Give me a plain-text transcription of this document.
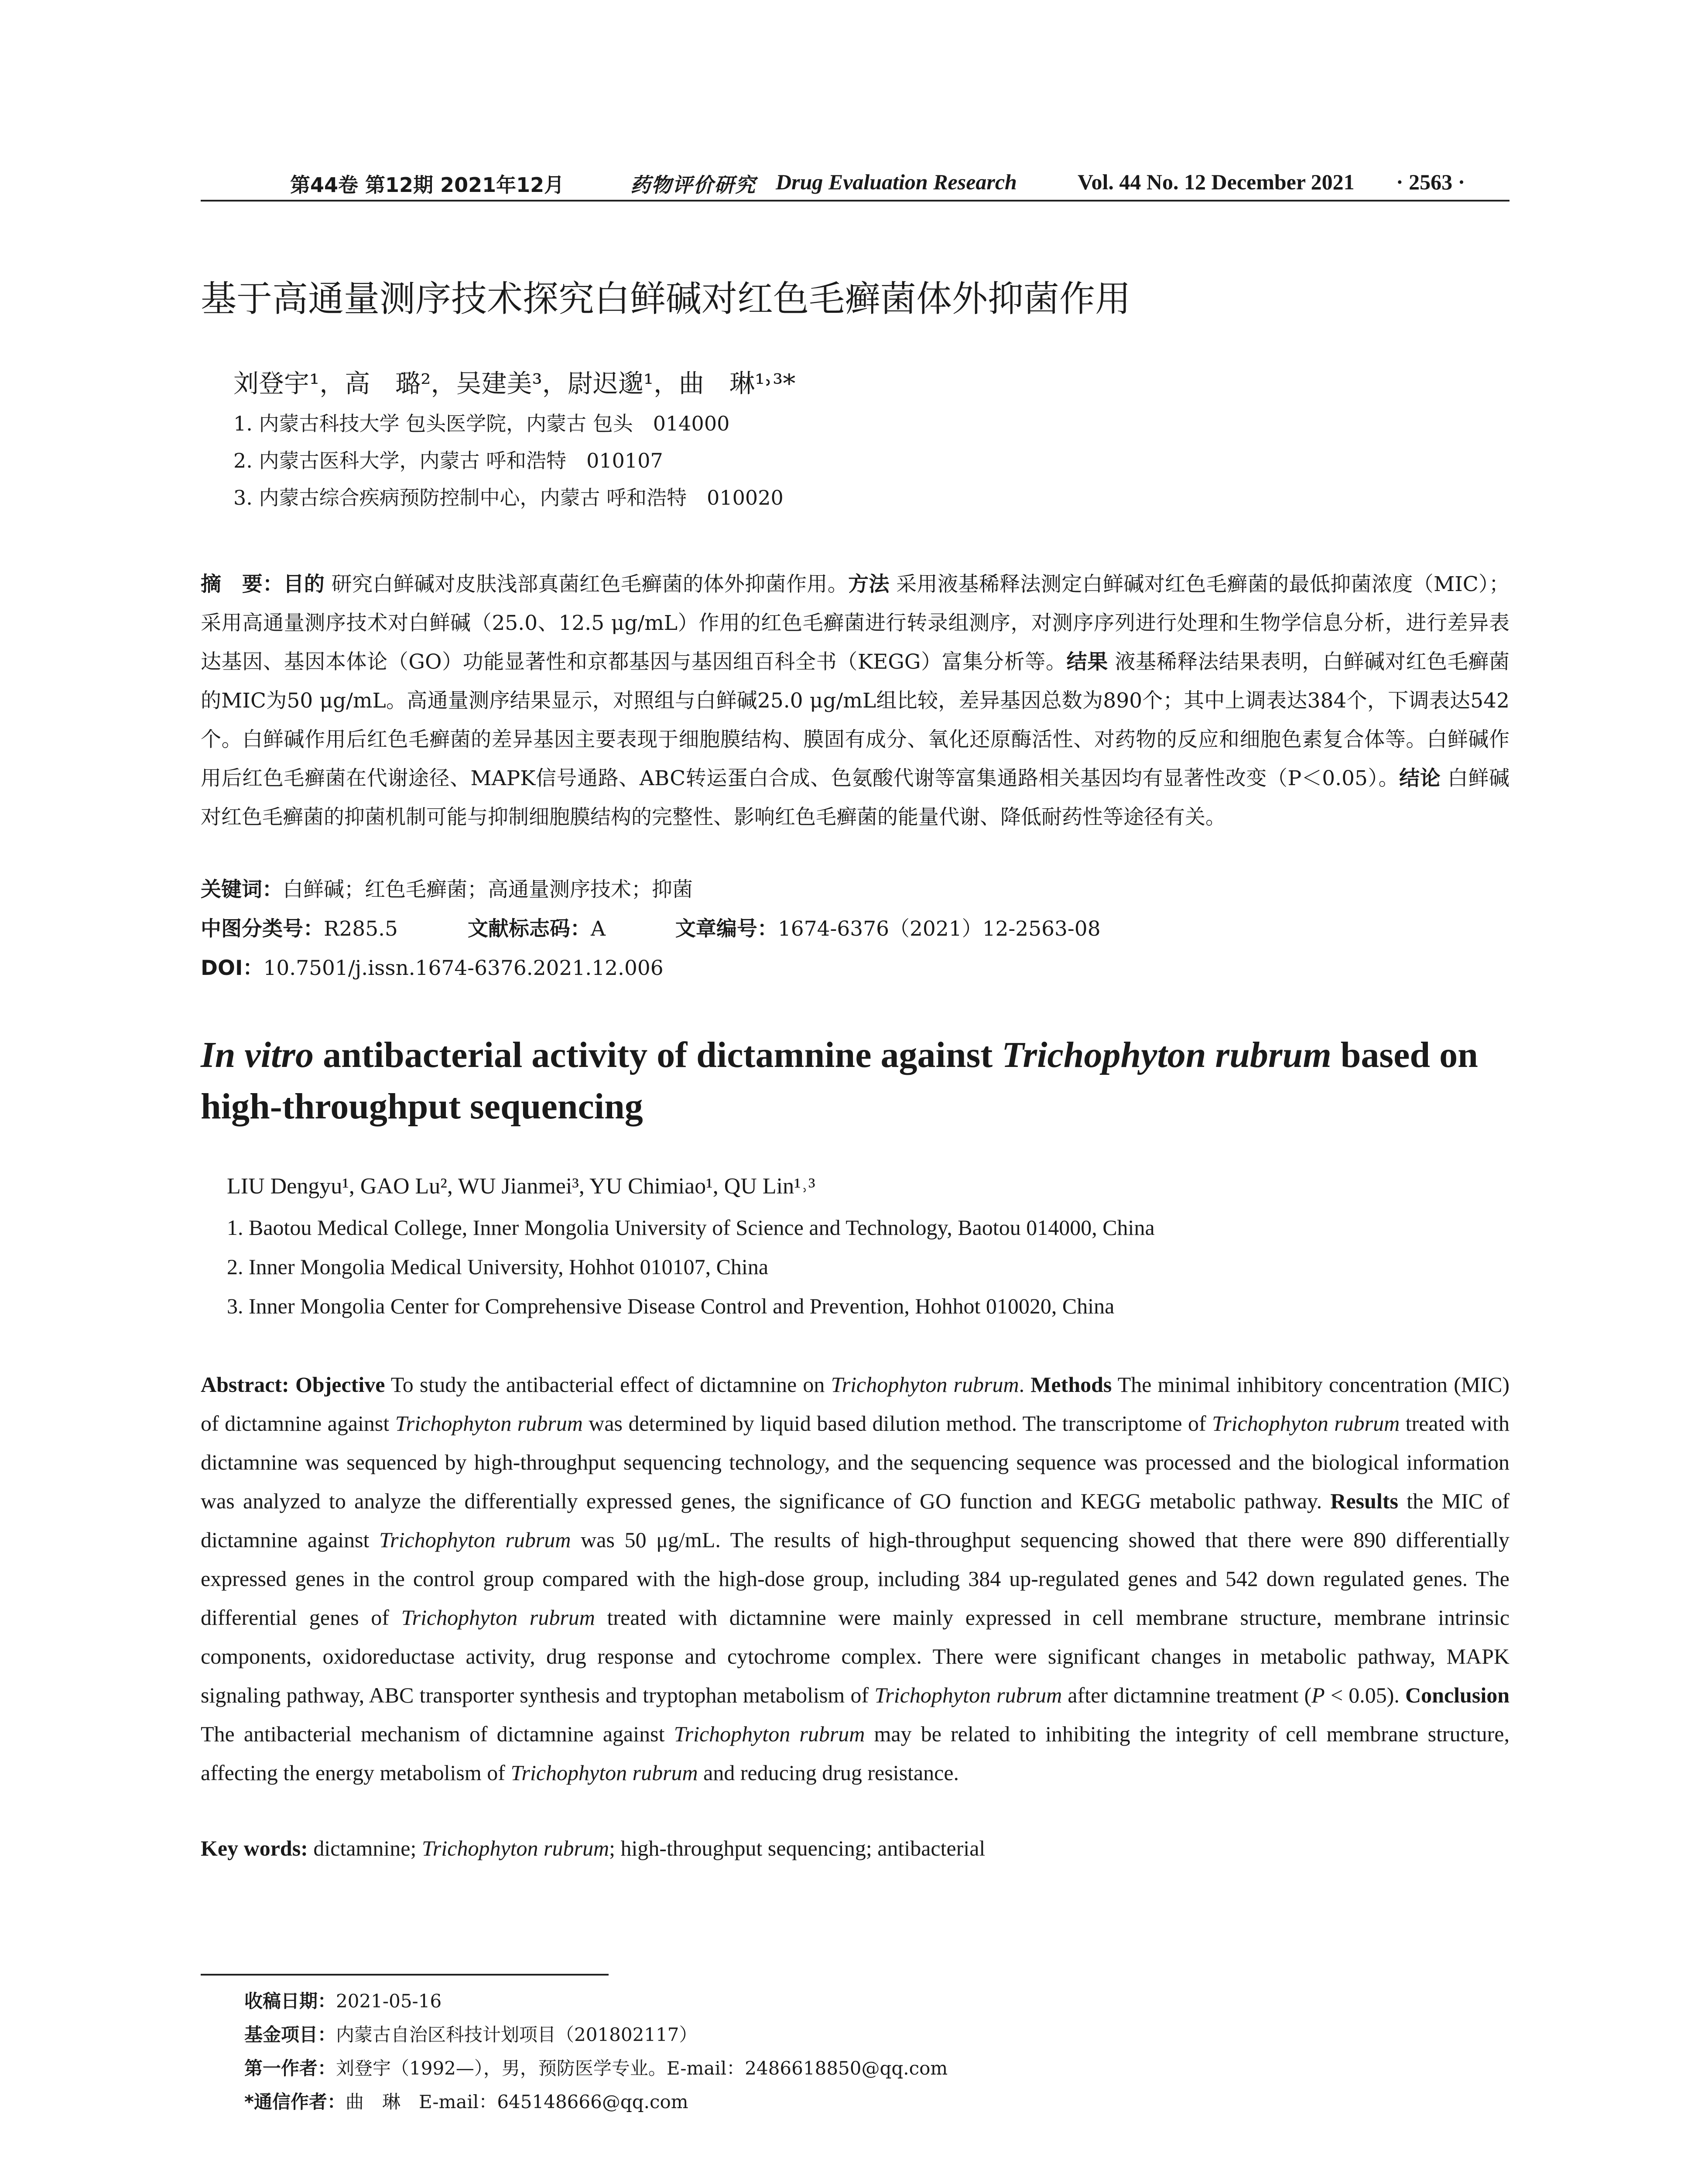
第44卷 第12期 2021年12月	药物评价研究 Drug Evaluation Research	Vol. 44 No. 12 December 2021 · 2563 ·
基于高通量测序技术探究白鲜碱对红色毛癣菌体外抑菌作用
刘登宇¹，高　璐²，吴建美³，尉迟邈¹，曲　琳¹˒³*
1. 内蒙古科技大学 包头医学院，内蒙古 包头　014000
2. 内蒙古医科大学，内蒙古 呼和浩特　010107
3. 内蒙古综合疾病预防控制中心，内蒙古 呼和浩特　010020
摘　要：目的 研究白鲜碱对皮肤浅部真菌红色毛癣菌的体外抑菌作用。方法 采用液基稀释法测定白鲜碱对红色毛癣菌的最低抑菌浓度（MIC）；采用高通量测序技术对白鲜碱（25.0、12.5 μg/mL）作用的红色毛癣菌进行转录组测序，对测序序列进行处理和生物学信息分析，进行差异表达基因、基因本体论（GO）功能显著性和京都基因与基因组百科全书（KEGG）富集分析等。结果 液基稀释法结果表明，白鲜碱对红色毛癣菌的MIC为50 μg/mL。高通量测序结果显示，对照组与白鲜碱25.0 μg/mL组比较，差异基因总数为890个；其中上调表达384个，下调表达542个。白鲜碱作用后红色毛癣菌的差异基因主要表现于细胞膜结构、膜固有成分、氧化还原酶活性、对药物的反应和细胞色素复合体等。白鲜碱作用后红色毛癣菌在代谢途径、MAPK信号通路、ABC转运蛋白合成、色氨酸代谢等富集通路相关基因均有显著性改变（P＜0.05）。结论 白鲜碱对红色毛癣菌的抑菌机制可能与抑制细胞膜结构的完整性、影响红色毛癣菌的能量代谢、降低耐药性等途径有关。
关键词：白鲜碱；红色毛癣菌；高通量测序技术；抑菌
中图分类号：R285.5	文献标志码：A	文章编号：1674-6376（2021）12-2563-08
DOI：10.7501/j.issn.1674-6376.2021.12.006
In vitro antibacterial activity of dictamnine against Trichophyton rubrum based on high-throughput sequencing
LIU Dengyu¹, GAO Lu², WU Jianmei³, YU Chimiao¹, QU Lin¹˒³
1. Baotou Medical College, Inner Mongolia University of Science and Technology, Baotou 014000, China
2. Inner Mongolia Medical University, Hohhot 010107, China
3. Inner Mongolia Center for Comprehensive Disease Control and Prevention, Hohhot 010020, China
Abstract: Objective To study the antibacterial effect of dictamnine on Trichophyton rubrum. Methods The minimal inhibitory concentration (MIC) of dictamnine against Trichophyton rubrum was determined by liquid based dilution method. The transcriptome of Trichophyton rubrum treated with dictamnine was sequenced by high-throughput sequencing technology, and the sequencing sequence was processed and the biological information was analyzed to analyze the differentially expressed genes, the significance of GO function and KEGG metabolic pathway. Results the MIC of dictamnine against Trichophyton rubrum was 50 μg/mL. The results of high-throughput sequencing showed that there were 890 differentially expressed genes in the control group compared with the high-dose group, including 384 up-regulated genes and 542 down regulated genes. The differential genes of Trichophyton rubrum treated with dictamnine were mainly expressed in cell membrane structure, membrane intrinsic components, oxidoreductase activity, drug response and cytochrome complex. There were significant changes in metabolic pathway, MAPK signaling pathway, ABC transporter synthesis and tryptophan metabolism of Trichophyton rubrum after dictamnine treatment (P < 0.05). Conclusion The antibacterial mechanism of dictamnine against Trichophyton rubrum may be related to inhibiting the integrity of cell membrane structure, affecting the energy metabolism of Trichophyton rubrum and reducing drug resistance.
Key words: dictamnine; Trichophyton rubrum; high-throughput sequencing; antibacterial
收稿日期：2021-05-16
基金项目：内蒙古自治区科技计划项目（201802117）
第一作者：刘登宇（1992—），男，预防医学专业。E-mail：2486618850@qq.com
*通信作者：曲　琳　E-mail：645148666@qq.com
